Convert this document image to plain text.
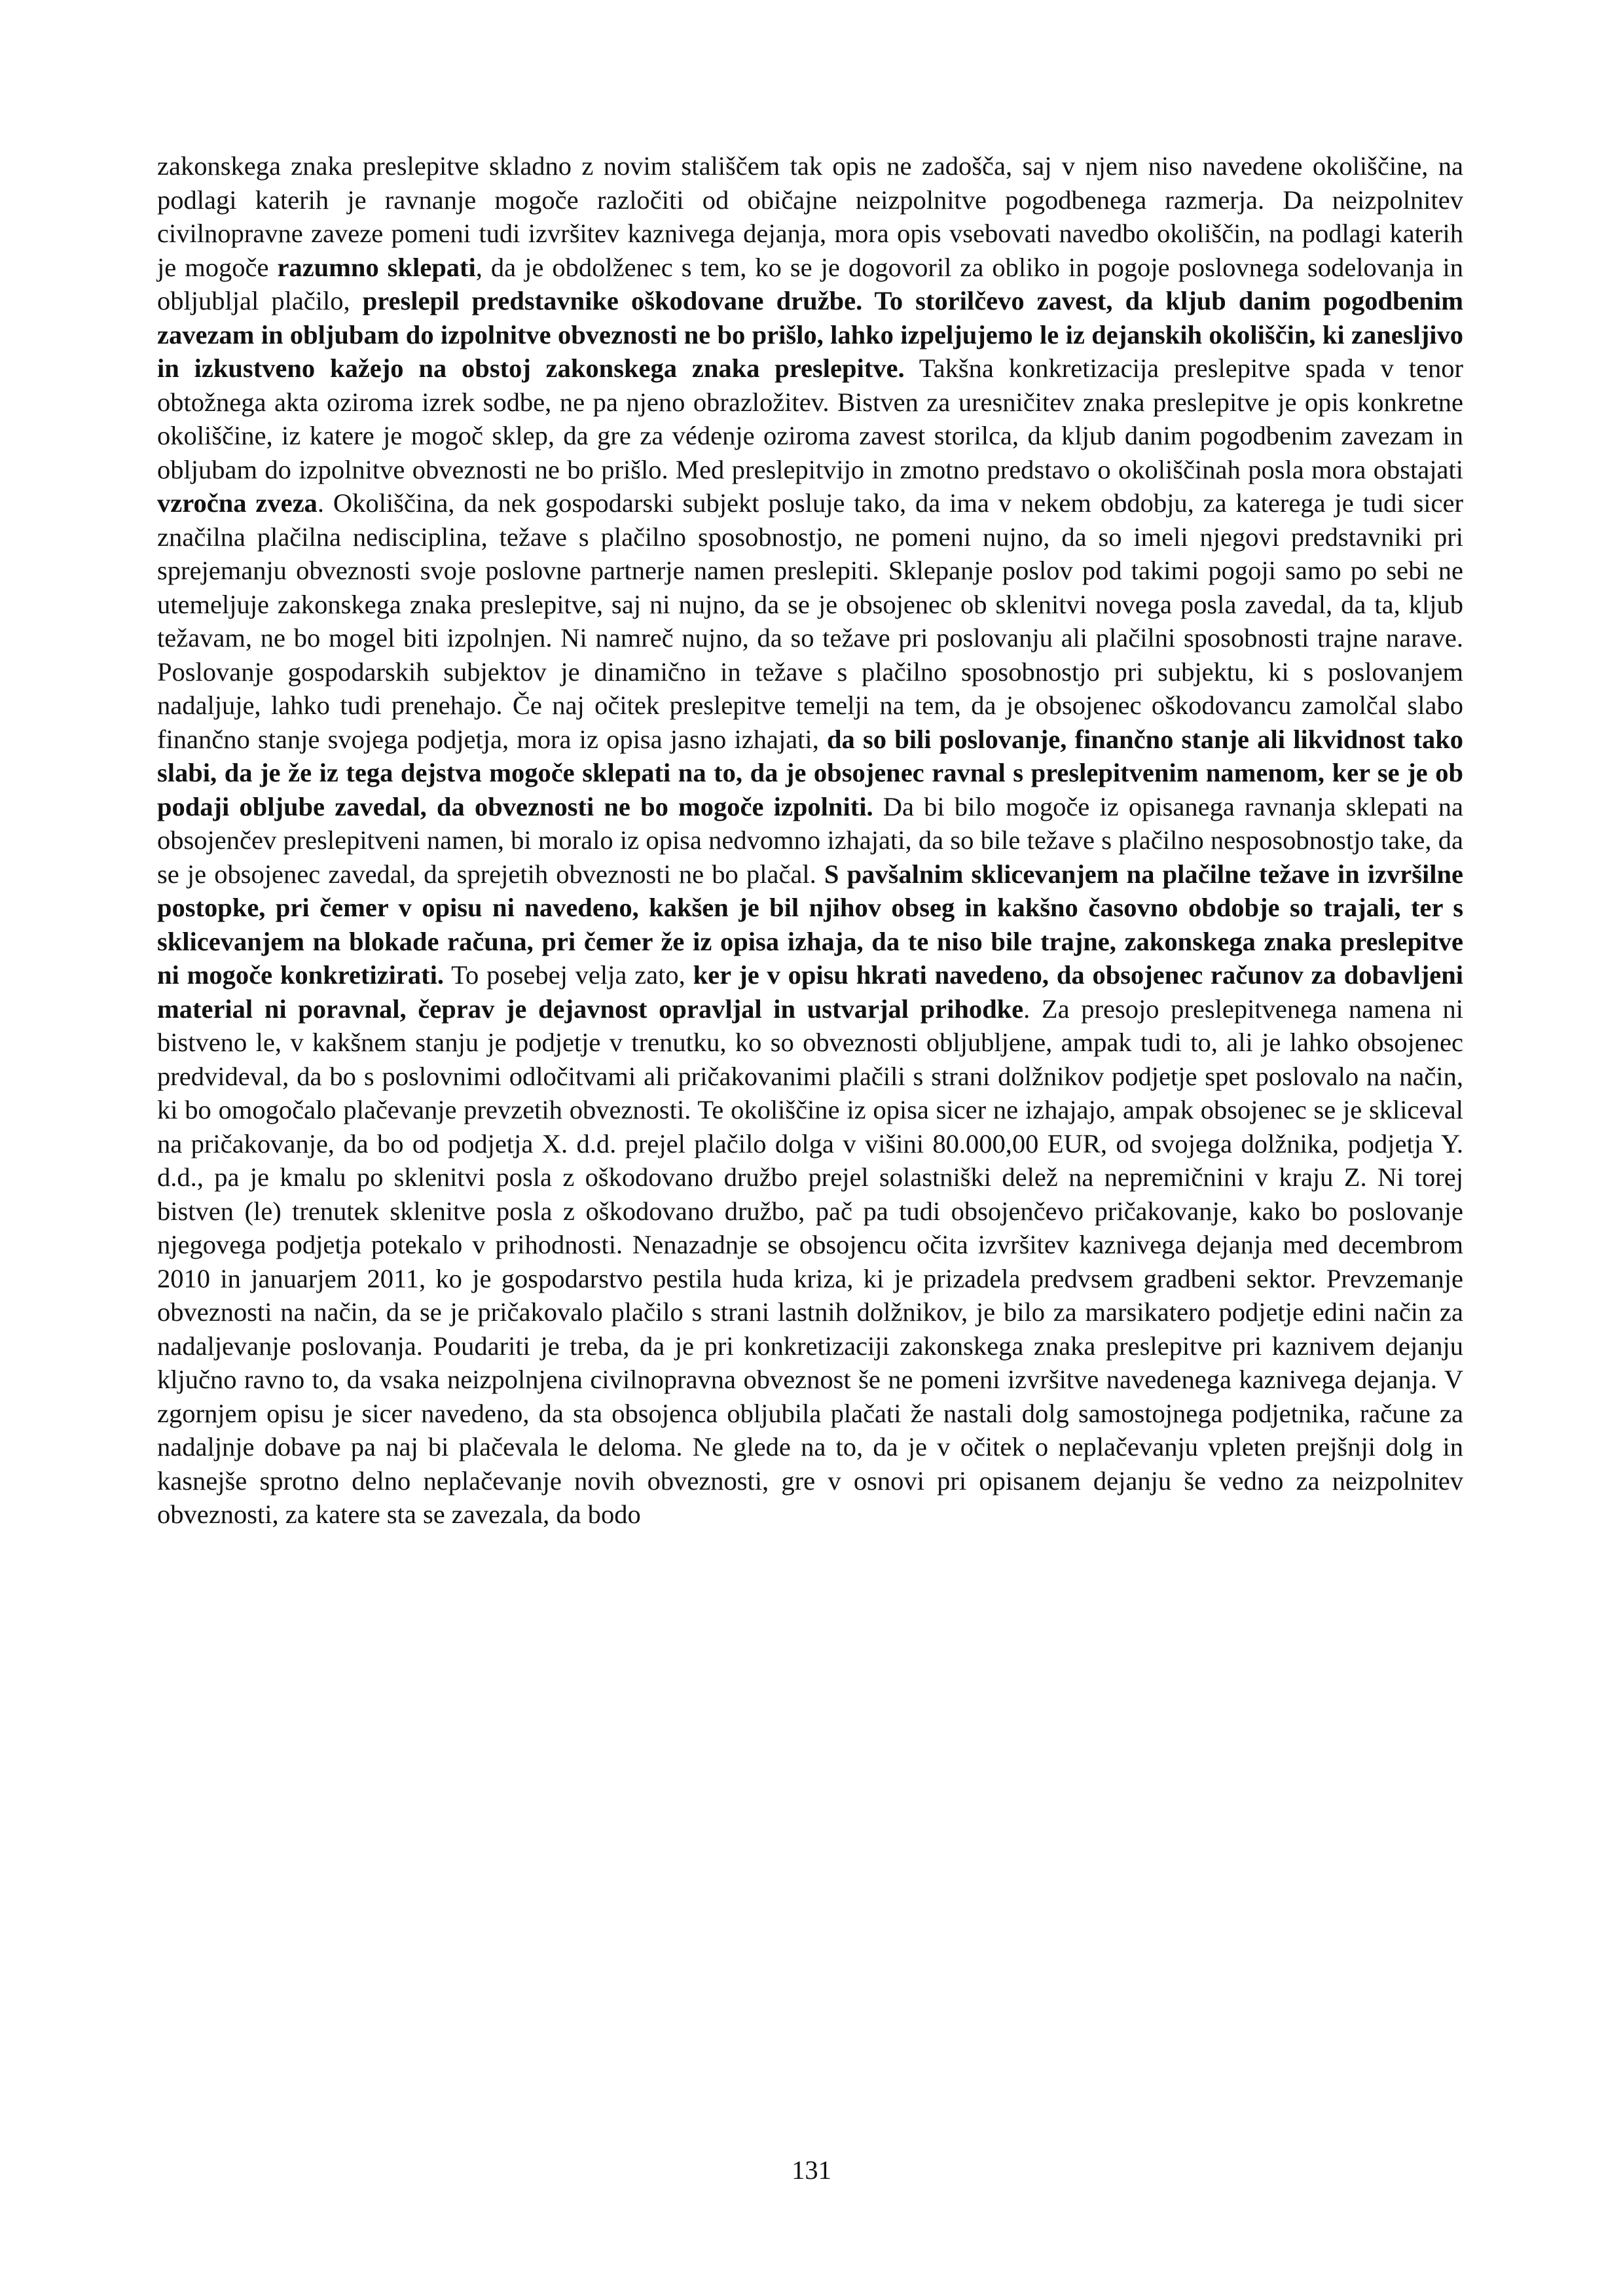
zakonskega znaka preslepitve skladno z novim stališčem tak opis ne zadošča, saj v njem niso navedene okoliščine, na podlagi katerih je ravnanje mogoče razločiti od običajne neizpolnitve pogodbenega razmerja. Da neizpolnitev civilnopravne zaveze pomeni tudi izvršitev kaznivega dejanja, mora opis vsebovati navedbo okoliščin, na podlagi katerih je mogoče razumno sklepati, da je obdolženec s tem, ko se je dogovoril za obliko in pogoje poslovnega sodelovanja in obljubljal plačilo, preslepil predstavnike oškodovane družbe. To storilčevo zavest, da kljub danim pogodbenim zavezam in obljubam do izpolnitve obveznosti ne bo prišlo, lahko izpeljujemo le iz dejanskih okoliščin, ki zanesljivo in izkustveno kažejo na obstoj zakonskega znaka preslepitve. Takšna konkretizacija preslepitve spada v tenor obtožnega akta oziroma izrek sodbe, ne pa njeno obrazložitev. Bistven za uresničitev znaka preslepitve je opis konkretne okoliščine, iz katere je mogoč sklep, da gre za védenje oziroma zavest storilca, da kljub danim pogodbenim zavezam in obljubam do izpolnitve obveznosti ne bo prišlo. Med preslepitvijo in zmotno predstavo o okoliščinah posla mora obstajati vzročna zveza. Okoliščina, da nek gospodarski subjekt posluje tako, da ima v nekem obdobju, za katerega je tudi sicer značilna plačilna nedisciplina, težave s plačilno sposobnostjo, ne pomeni nujno, da so imeli njegovi predstavniki pri sprejemanju obveznosti svoje poslovne partnerje namen preslepiti. Sklepanje poslov pod takimi pogoji samo po sebi ne utemeljuje zakonskega znaka preslepitve, saj ni nujno, da se je obsojenec ob sklenitvi novega posla zavedal, da ta, kljub težavam, ne bo mogel biti izpolnjen. Ni namreč nujno, da so težave pri poslovanju ali plačilni sposobnosti trajne narave. Poslovanje gospodarskih subjektov je dinamično in težave s plačilno sposobnostjo pri subjektu, ki s poslovanjem nadaljuje, lahko tudi prenehajo. Če naj očitek preslepitve temelji na tem, da je obsojenec oškodovancu zamolčal slabo finančno stanje svojega podjetja, mora iz opisa jasno izhajati, da so bili poslovanje, finančno stanje ali likvidnost tako slabi, da je že iz tega dejstva mogoče sklepati na to, da je obsojenec ravnal s preslepitvenim namenom, ker se je ob podaji obljube zavedal, da obveznosti ne bo mogoče izpolniti. Da bi bilo mogoče iz opisanega ravnanja sklepati na obsojenčev preslepitveni namen, bi moralo iz opisa nedvomno izhajati, da so bile težave s plačilno nesposobnostjo take, da se je obsojenec zavedal, da sprejetih obveznosti ne bo plačal. S pavšalnim sklicevanjem na plačilne težave in izvršilne postopke, pri čemer v opisu ni navedeno, kakšen je bil njihov obseg in kakšno časovno obdobje so trajali, ter s sklicevanjem na blokade računa, pri čemer že iz opisa izhaja, da te niso bile trajne, zakonskega znaka preslepitve ni mogoče konkretizirati. To posebej velja zato, ker je v opisu hkrati navedeno, da obsojenec računov za dobavljeni material ni poravnal, čeprav je dejavnost opravljal in ustvarjal prihodke. Za presojo preslepitvenega namena ni bistveno le, v kakšnem stanju je podjetje v trenutku, ko so obveznosti obljubljene, ampak tudi to, ali je lahko obsojenec predvideval, da bo s poslovnimi odločitvami ali pričakovanimi plačili s strani dolžnikov podjetje spet poslovalo na način, ki bo omogočalo plačevanje prevzetih obveznosti. Te okoliščine iz opisa sicer ne izhajajo, ampak obsojenec se je skliceval na pričakovanje, da bo od podjetja X. d.d. prejel plačilo dolga v višini 80.000,00 EUR, od svojega dolžnika, podjetja Y. d.d., pa je kmalu po sklenitvi posla z oškodovano družbo prejel solastniški delež na nepremičnini v kraju Z. Ni torej bistven (le) trenutek sklenitve posla z oškodovano družbo, pač pa tudi obsojenčevo pričakovanje, kako bo poslovanje njegovega podjetja potekalo v prihodnosti. Nenazadnje se obsojencu očita izvršitev kaznivega dejanja med decembrom 2010 in januarjem 2011, ko je gospodarstvo pestila huda kriza, ki je prizadela predvsem gradbeni sektor. Prevzemanje obveznosti na način, da se je pričakovalo plačilo s strani lastnih dolžnikov, je bilo za marsikatero podjetje edini način za nadaljevanje poslovanja. Poudariti je treba, da je pri konkretizaciji zakonskega znaka preslepitve pri kaznivem dejanju ključno ravno to, da vsaka neizpolnjena civilnopravna obveznost še ne pomeni izvršitve navedenega kaznivega dejanja. V zgornjem opisu je sicer navedeno, da sta obsojenca obljubila plačati že nastali dolg samostojnega podjetnika, račune za nadaljnje dobave pa naj bi plačevala le deloma. Ne glede na to, da je v očitek o neplačevanju vpleten prejšnji dolg in kasnejše sprotno delno neplačevanje novih obveznosti, gre v osnovi pri opisanem dejanju še vedno za neizpolnitev obveznosti, za katere sta se zavezala, da bodo

131
